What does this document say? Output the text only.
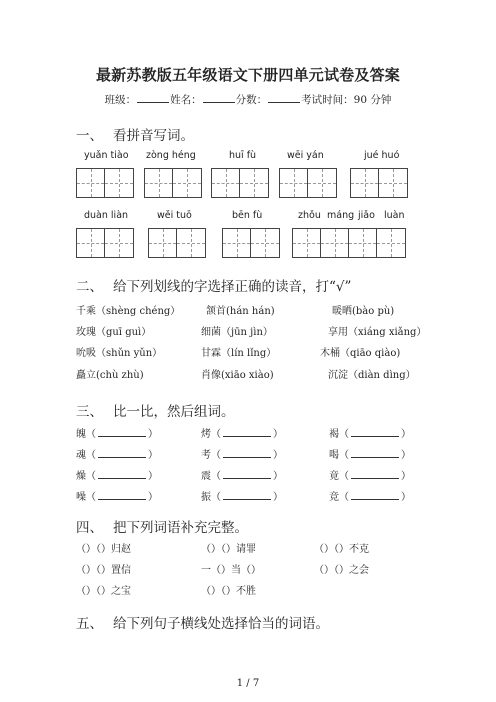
最新苏教版五年级语文下册四单元试卷及答案
班级：	姓名：	分数：	考试时间：90 分钟
一、 看拼音写词。
yuǎn tiào zòng héng	huī fù	wēi yán	jué huó
duàn liàn	wěi tuō	bēn fù	zhǒu máng jiǎo luàn
二、 给下列划线的字选择正确的读音，打“√”
千乘（shèng chéng）	颔首(hán hán)	暖晒(bào pù)
玫瑰（guī guì）	细菌（jūn jìn）	享用（xiáng xiǎng）
吮吸（shǔn yǔn）	甘霖（lín lǐng）	木桶（qiāo qiào)
矗立(chù zhù)	肖像(xiāo xiào)	沉淀（diàn dìng）
三、 比一比，然后组词。
魄（	）	烤（	）	褐（	）
魂（	）	考（	）	喝（	）
燥（	）	震（	）	竟（	）
噪（	）	振（	）	竞（	）
四、 把下列词语补充完整。
（）（）归赵	（）（）请罪	（）（）不克
（）（）置信	一（）当（）	（）（）之会
（）（）之宝	（）（）不胜
五、 给下列句子横线处选择恰当的词语。
1 / 7
